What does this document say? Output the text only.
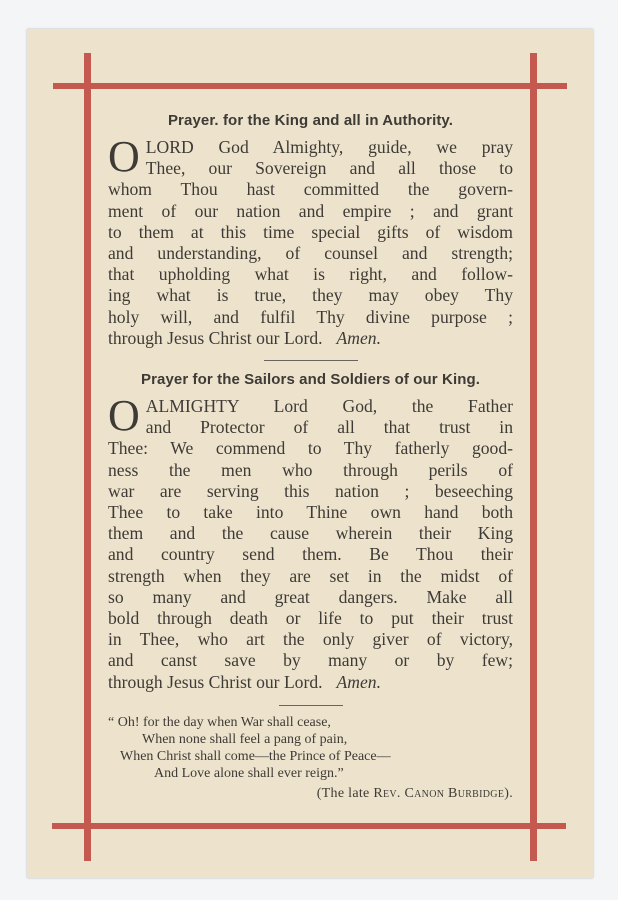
Prayer. for the King and all in Authority.
O LORD God Almighty, guide, we pray
Thee, our Sovereign and all those to
whom Thou hast committed the govern-
ment of our nation and empire ; and grant
to them at this time special gifts of wisdom
and understanding, of counsel and strength;
that upholding what is right, and follow-
ing what is true, they may obey Thy
holy will, and fulfil Thy divine purpose ;
through Jesus Christ our Lord. Amen.
Prayer for the Sailors and Soldiers of our King.
O ALMIGHTY Lord God, the Father
and Protector of all that trust in
Thee: We commend to Thy fatherly good-
ness the men who through perils of
war are serving this nation ; beseeching
Thee to take into Thine own hand both
them and the cause wherein their King
and country send them. Be Thou their
strength when they are set in the midst of
so many and great dangers. Make all
bold through death or life to put their trust
in Thee, who art the only giver of victory,
and canst save by many or by few;
through Jesus Christ our Lord. Amen.
“ Oh! for the day when War shall cease,
When none shall feel a pang of pain,
When Christ shall come—the Prince of Peace—
And Love alone shall ever reign.”
(The late Rev. Canon Burbidge).
